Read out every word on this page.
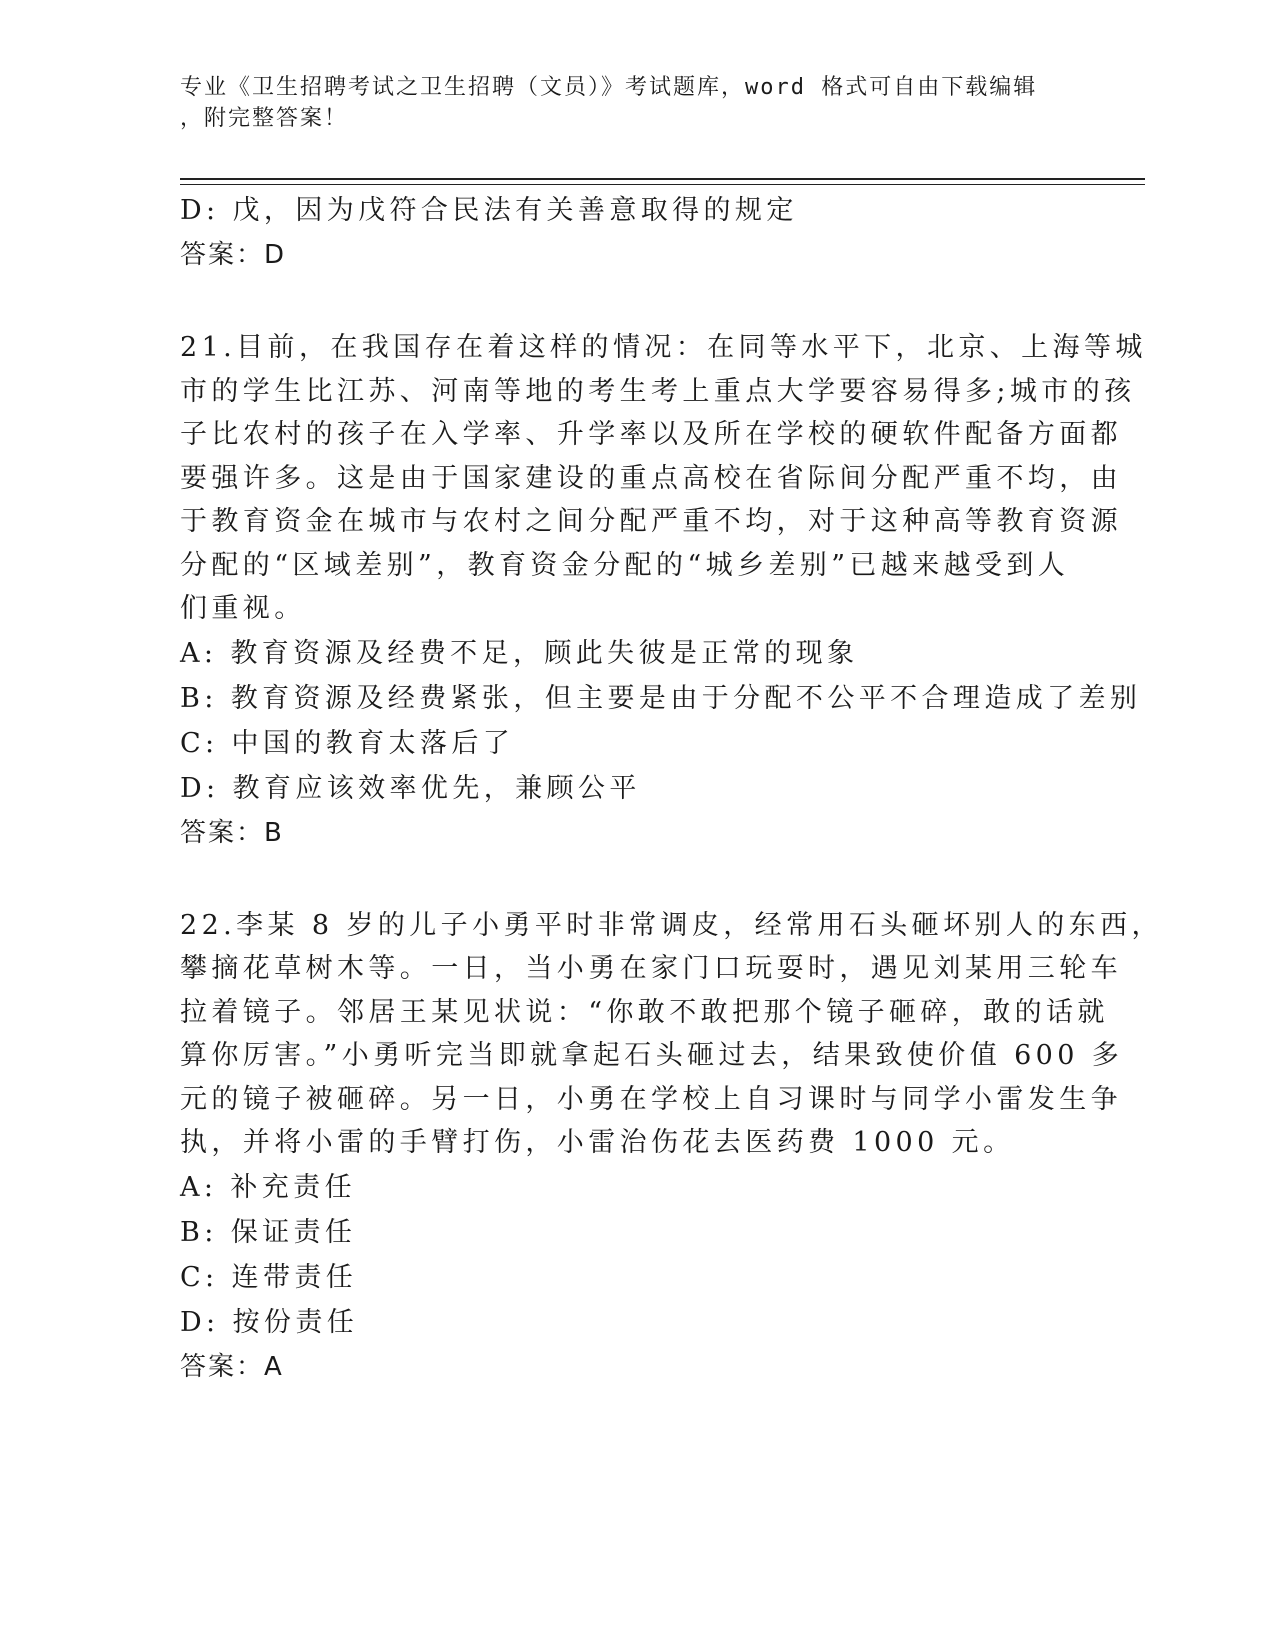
专业《卫生招聘考试之卫生招聘（文员）》考试题库，word 格式可自由下载编辑
，附完整答案！

D: 戊，因为戊符合民法有关善意取得的规定

答案：D

21.目前，在我国存在着这样的情况：在同等水平下，北京、上海等城

市的学生比江苏、河南等地的考生考上重点大学要容易得多;城市的孩

子比农村的孩子在入学率、升学率以及所在学校的硬软件配备方面都

要强许多。这是由于国家建设的重点高校在省际间分配严重不均，由

于教育资金在城市与农村之间分配严重不均，对于这种高等教育资源

分配的“区域差别”，教育资金分配的“城乡差别”已越来越受到人

们重视。

A: 教育资源及经费不足，顾此失彼是正常的现象

B: 教育资源及经费紧张，但主要是由于分配不公平不合理造成了差别

C: 中国的教育太落后了

D: 教育应该效率优先，兼顾公平

答案：B

22.李某 8 岁的儿子小勇平时非常调皮，经常用石头砸坏别人的东西，

攀摘花草树木等。一日，当小勇在家门口玩耍时，遇见刘某用三轮车

拉着镜子。邻居王某见状说：“你敢不敢把那个镜子砸碎，敢的话就

算你厉害。”小勇听完当即就拿起石头砸过去，结果致使价值 600 多

元的镜子被砸碎。另一日，小勇在学校上自习课时与同学小雷发生争

执，并将小雷的手臂打伤，小雷治伤花去医药费 1000 元。

A: 补充责任

B: 保证责任

C: 连带责任

D: 按份责任

答案：A
